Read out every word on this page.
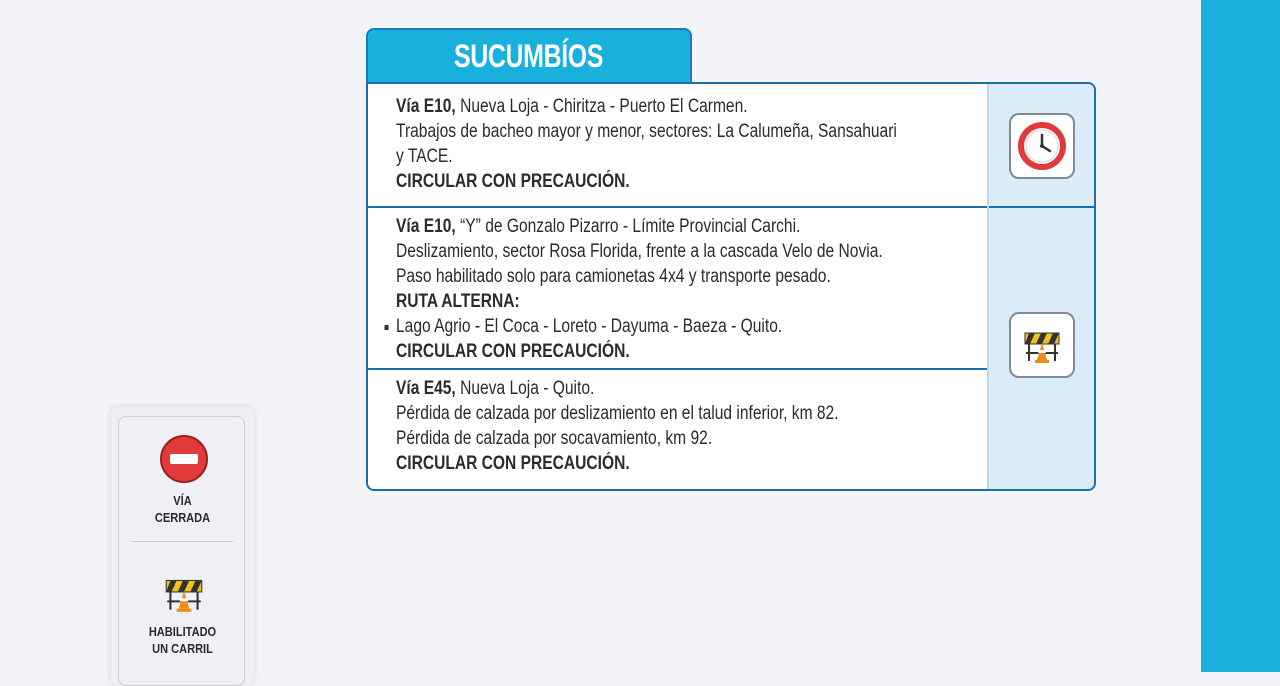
SUCUMBÍOS

Vía E10, Nueva Loja - Chiritza - Puerto El Carmen.

Trabajos de bacheo mayor y menor, sectores: La Calumeña, Sansahuari

y TACE.

CIRCULAR CON PRECAUCIÓN.

Vía E10, “Y” de Gonzalo Pizarro - Límite Provincial Carchi.

Deslizamiento, sector Rosa Florida, frente a la cascada Velo de Novia.

Paso habilitado solo para camionetas 4x4 y transporte pesado.

RUTA ALTERNA:

Lago Agrio - El Coca - Loreto - Dayuma - Baeza - Quito.

CIRCULAR CON PRECAUCIÓN.

Vía E45, Nueva Loja - Quito.

Pérdida de calzada por deslizamiento en el talud inferior, km 82.

Pérdida de calzada por socavamiento, km 92.

CIRCULAR CON PRECAUCIÓN.

VÍA
CERRADA
HABILITADO
UN CARRIL
